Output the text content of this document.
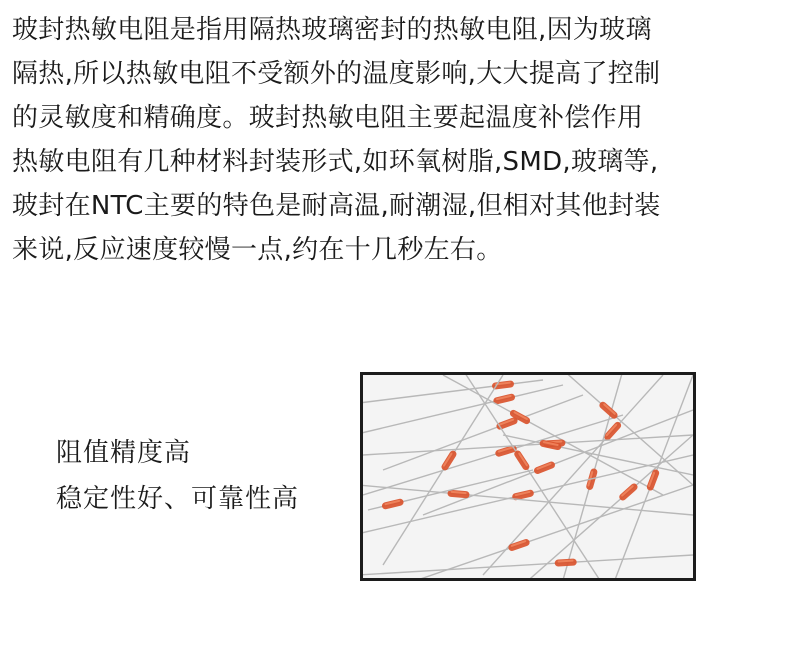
玻封热敏电阻是指用隔热玻璃密封的热敏电阻,因为玻璃
隔热,所以热敏电阻不受额外的温度影响,大大提高了控制
的灵敏度和精确度。玻封热敏电阻主要起温度补偿作用
热敏电阻有几种材料封装形式,如环氧树脂,SMD,玻璃等,
玻封在NTC主要的特色是耐高温,耐潮湿,但相对其他封装
来说,反应速度较慢一点,约在十几秒左右。
阻值精度高
稳定性好、可靠性高
